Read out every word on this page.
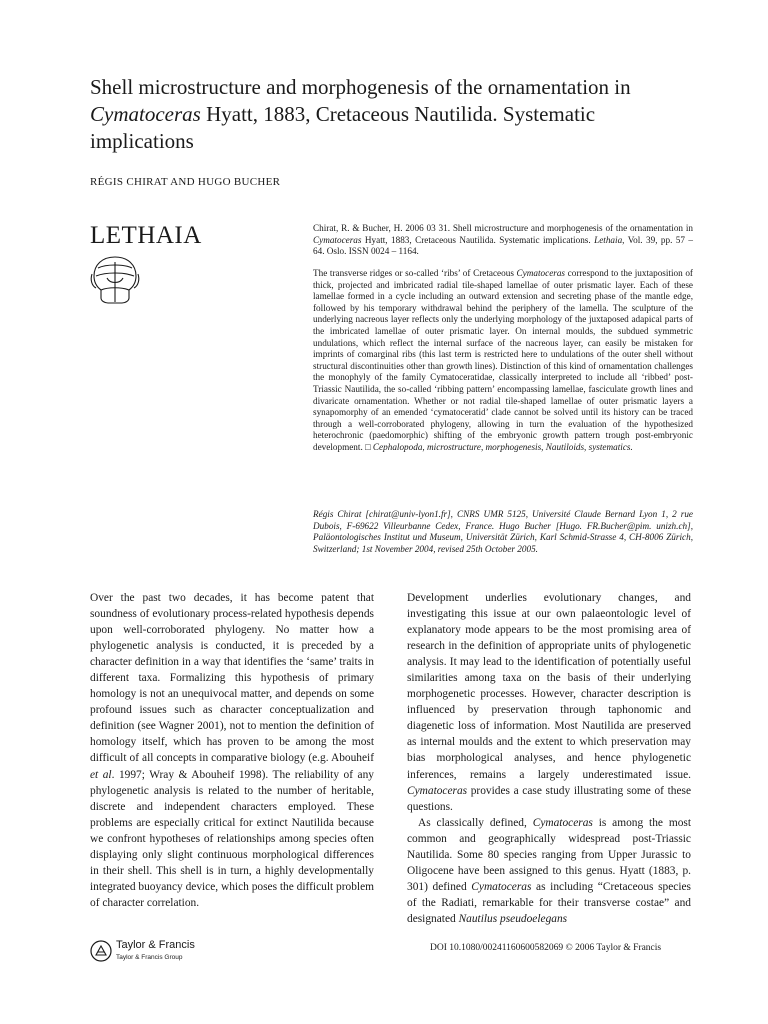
Shell microstructure and morphogenesis of the ornamentation in Cymatoceras Hyatt, 1883, Cretaceous Nautilida. Systematic implications
RÉGIS CHIRAT AND HUGO BUCHER
LETHAIA	Chirat, R. & Bucher, H. 2006 03 31. Shell microstructure and morphogenesis of the ornamentation in Cymatoceras Hyatt, 1883, Cretaceous Nautilida. Systematic implications. Lethaia, Vol. 39, pp. 57 – 64. Oslo. ISSN 0024 – 1164.

The transverse ridges or so-called ‘ribs’ of Cretaceous Cymatoceras correspond to the juxtaposition of thick, projected and imbricated radial tile-shaped lamellae of outer prismatic layer. Each of these lamellae formed in a cycle including an outward extension and secreting phase of the mantle edge, followed by his temporary withdrawal behind the periphery of the lamella. The sculpture of the underlying nacreous layer reflects only the underlying morphology of the juxtaposed adapical parts of the imbricated lamellae of outer prismatic layer. On internal moulds, the subdued symmetric undulations, which reflect the internal surface of the nacreous layer, can easily be mistaken for imprints of comarginal ribs (this last term is restricted here to undulations of the outer shell without structural discontinuities other than growth lines). Distinction of this kind of ornamentation challenges the monophyly of the family Cymatoceratidae, classically interpreted to include all ‘ribbed’ post-Triassic Nautilida, the so-called ‘ribbing pattern’ encompassing lamellae, fasciculate growth lines and divaricate ornamentation. Whether or not radial tile-shaped lamellae of outer prismatic layers a synapomorphy of an emended ‘cymatoceratid’ clade cannot be solved until its history can be traced through a well-corroborated phylogeny, allowing in turn the evaluation of the hypothesized heterochronic (paedomorphic) shifting of the embryonic growth pattern trough post-embryonic development. □ Cephalopoda, microstructure, morphogenesis, Nautiloids, systematics.

Régis Chirat [chirat@univ-lyon1.fr], CNRS UMR 5125, Université Claude Bernard Lyon 1, 2 rue Dubois, F-69622 Villeurbanne Cedex, France. Hugo Bucher [Hugo. FR.Bucher@pim. unizh.ch], Paläontologisches Institut und Museum, Universität Zürich, Karl Schmid-Strasse 4, CH-8006 Zürich, Switzerland; 1st November 2004, revised 25th October 2005.

Over the past two decades, it has become patent that soundness of evolutionary process-related hypothesis depends upon well-corroborated phylogeny. No matter how a phylogenetic analysis is conducted, it is preceded by a character definition in a way that identifies the ‘same’ traits in different taxa. Formalizing this hypothesis of primary homology is not an unequivocal matter, and depends on some profound issues such as character conceptualization and definition (see Wagner 2001), not to mention the definition of homology itself, which has proven to be among the most difficult of all concepts in comparative biology (e.g. Abouheif et al. 1997; Wray & Abouheif 1998). The reliability of any phylogenetic analysis is related to the number of heritable, discrete and independent characters employed. These problems are especially critical for extinct Nautilida because we confront hypotheses of relationships among species often displaying only slight continuous morphological differences in their shell. This shell is in turn, a highly developmentally integrated buoyancy device, which poses the difficult problem of character correlation.

Development underlies evolutionary changes, and investigating this issue at our own palaeontologic level of explanatory mode appears to be the most promising area of research in the definition of appropriate units of phylogenetic analysis. It may lead to the identification of potentially useful similarities among taxa on the basis of their underlying morphogenetic processes. However, character description is influenced by preservation through taphonomic and diagenetic loss of information. Most Nautilida are preserved as internal moulds and the extent to which preservation may bias morphological analyses, and hence phylogenetic inferences, remains a largely underestimated issue. Cymatoceras provides a case study illustrating some of these questions.

As classically defined, Cymatoceras is among the most common and geographically widespread post-Triassic Nautilida. Some 80 species ranging from Upper Jurassic to Oligocene have been assigned to this genus. Hyatt (1883, p. 301) defined Cymatoceras as including “Cretaceous species of the Radiati, remarkable for their transverse costae” and designated Nautilus pseudoelegans

Taylor & Francis
Taylor & Francis Group
DOI 10.1080/00241160600582069 © 2006 Taylor & Francis
